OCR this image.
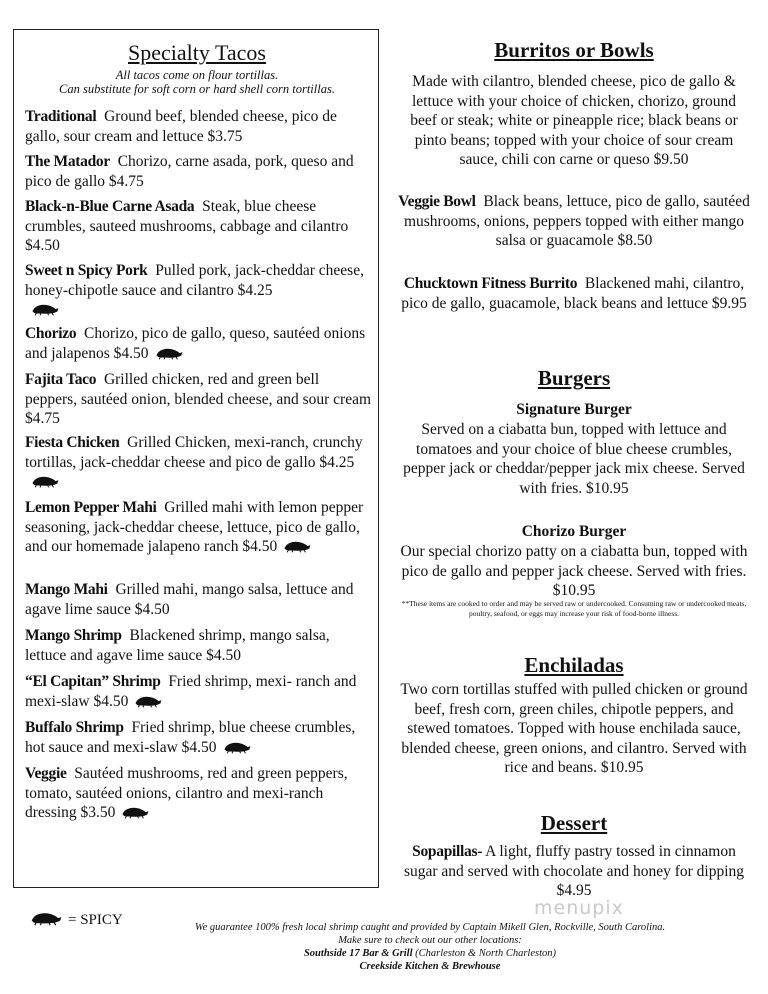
Specialty Tacos
All tacos come on flour tortillas.
Can substitute for soft corn or hard shell corn tortillas.

Traditional Ground beef, blended cheese, pico de gallo, sour cream and lettuce $3.75

The Matador Chorizo, carne asada, pork, queso and pico de gallo $4.75

Black-n-Blue Carne Asada Steak, blue cheese crumbles, sauteed mushrooms, cabbage and cilantro $4.50

Sweet n Spicy Pork Pulled pork, jack-cheddar cheese, honey-chipotle sauce and cilantro $4.25

Chorizo Chorizo, pico de gallo, queso, sautéed onions and jalapenos $4.50

Fajita Taco Grilled chicken, red and green bell peppers, sautéed onion, blended cheese, and sour cream $4.75

Fiesta Chicken Grilled Chicken, mexi-ranch, crunchy tortillas, jack-cheddar cheese and pico de gallo $4.25

Lemon Pepper Mahi Grilled mahi with lemon pepper seasoning, jack-cheddar cheese, lettuce, pico de gallo, and our homemade jalapeno ranch $4.50

Mango Mahi Grilled mahi, mango salsa, lettuce and agave lime sauce $4.50

Mango Shrimp Blackened shrimp, mango salsa, lettuce and agave lime sauce $4.50

“El Capitan” Shrimp Fried shrimp, mexi- ranch and mexi-slaw $4.50

Buffalo Shrimp Fried shrimp, blue cheese crumbles, hot sauce and mexi-slaw $4.50

Veggie Sautéed mushrooms, red and green peppers, tomato, sautéed onions, cilantro and mexi-ranch dressing $3.50

Burritos or Bowls

Made with cilantro, blended cheese, pico de gallo & lettuce with your choice of chicken, chorizo, ground beef or steak; white or pineapple rice; black beans or pinto beans; topped with your choice of sour cream sauce, chili con carne or queso $9.50

Veggie Bowl Black beans, lettuce, pico de gallo, sautéed mushrooms, onions, peppers topped with either mango salsa or guacamole $8.50

Chucktown Fitness Burrito Blackened mahi, cilantro, pico de gallo, guacamole, black beans and lettuce $9.95

Burgers

Signature Burger

Served on a ciabatta bun, topped with lettuce and tomatoes and your choice of blue cheese crumbles, pepper jack or cheddar/pepper jack mix cheese. Served with fries. $10.95

Chorizo Burger

Our special chorizo patty on a ciabatta bun, topped with pico de gallo and pepper jack cheese. Served with fries. $10.95

**These items are cooked to order and may be served raw or undercooked. Consuming raw or undercooked meats, poultry, seafood, or eggs may increase your risk of food-borne illness.

Enchiladas

Two corn tortillas stuffed with pulled chicken or ground beef, fresh corn, green chiles, chipotle peppers, and stewed tomatoes. Topped with house enchilada sauce, blended cheese, green onions, and cilantro. Served with rice and beans. $10.95

Dessert

Sopapillas- A light, fluffy pastry tossed in cinnamon sugar and served with chocolate and honey for dipping $4.95

menupix
= SPICY	We guarantee 100% fresh local shrimp caught and provided by Captain Mikell Glen, Rockville, South Carolina.
Make sure to check out our other locations:
Southside 17 Bar & Grill (Charleston & North Charleston)
Creekside Kitchen & Brewhouse
